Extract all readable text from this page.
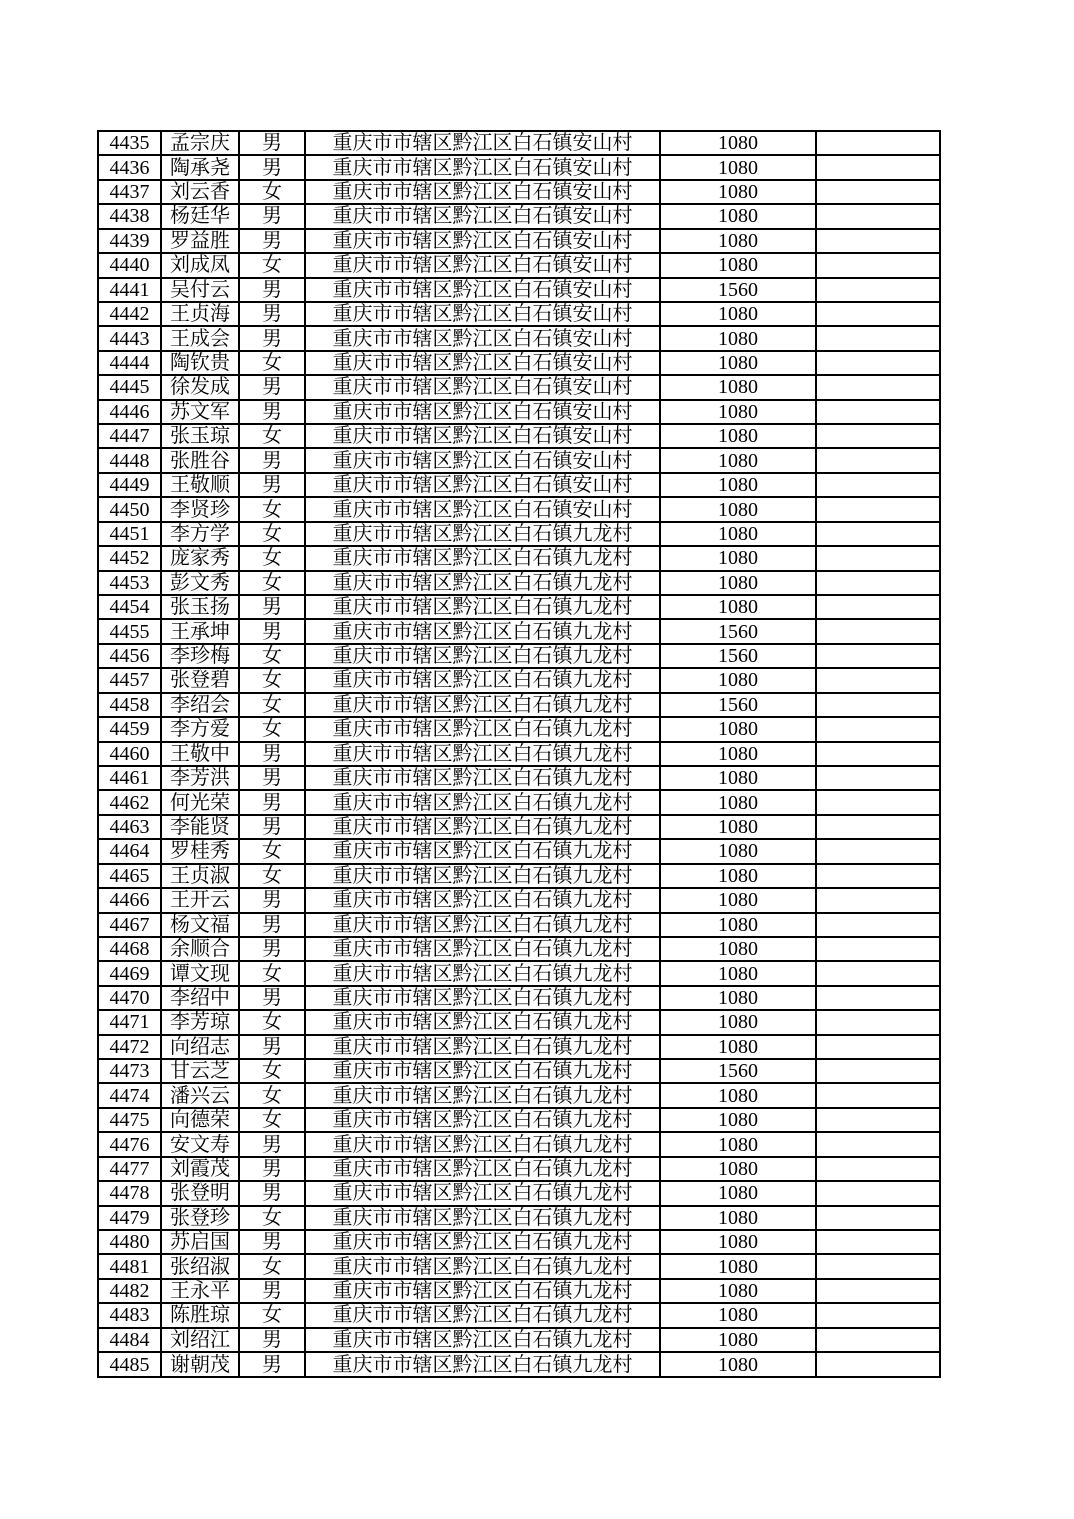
4435	孟宗庆	男	重庆市市辖区黔江区白石镇安山村	1080	
4436	陶承尧	男	重庆市市辖区黔江区白石镇安山村	1080	
4437	刘云香	女	重庆市市辖区黔江区白石镇安山村	1080	
4438	杨廷华	男	重庆市市辖区黔江区白石镇安山村	1080	
4439	罗益胜	男	重庆市市辖区黔江区白石镇安山村	1080	
4440	刘成凤	女	重庆市市辖区黔江区白石镇安山村	1080	
4441	吴付云	男	重庆市市辖区黔江区白石镇安山村	1560	
4442	王贞海	男	重庆市市辖区黔江区白石镇安山村	1080	
4443	王成会	男	重庆市市辖区黔江区白石镇安山村	1080	
4444	陶钦贵	女	重庆市市辖区黔江区白石镇安山村	1080	
4445	徐发成	男	重庆市市辖区黔江区白石镇安山村	1080	
4446	苏文军	男	重庆市市辖区黔江区白石镇安山村	1080	
4447	张玉琼	女	重庆市市辖区黔江区白石镇安山村	1080	
4448	张胜谷	男	重庆市市辖区黔江区白石镇安山村	1080	
4449	王敬顺	男	重庆市市辖区黔江区白石镇安山村	1080	
4450	李贤珍	女	重庆市市辖区黔江区白石镇安山村	1080	
4451	李方学	女	重庆市市辖区黔江区白石镇九龙村	1080	
4452	庞家秀	女	重庆市市辖区黔江区白石镇九龙村	1080	
4453	彭文秀	女	重庆市市辖区黔江区白石镇九龙村	1080	
4454	张玉扬	男	重庆市市辖区黔江区白石镇九龙村	1080	
4455	王承坤	男	重庆市市辖区黔江区白石镇九龙村	1560	
4456	李珍梅	女	重庆市市辖区黔江区白石镇九龙村	1560	
4457	张登碧	女	重庆市市辖区黔江区白石镇九龙村	1080	
4458	李绍会	女	重庆市市辖区黔江区白石镇九龙村	1560	
4459	李方爱	女	重庆市市辖区黔江区白石镇九龙村	1080	
4460	王敬中	男	重庆市市辖区黔江区白石镇九龙村	1080	
4461	李芳洪	男	重庆市市辖区黔江区白石镇九龙村	1080	
4462	何光荣	男	重庆市市辖区黔江区白石镇九龙村	1080	
4463	李能贤	男	重庆市市辖区黔江区白石镇九龙村	1080	
4464	罗桂秀	女	重庆市市辖区黔江区白石镇九龙村	1080	
4465	王贞淑	女	重庆市市辖区黔江区白石镇九龙村	1080	
4466	王开云	男	重庆市市辖区黔江区白石镇九龙村	1080	
4467	杨文福	男	重庆市市辖区黔江区白石镇九龙村	1080	
4468	余顺合	男	重庆市市辖区黔江区白石镇九龙村	1080	
4469	谭文现	女	重庆市市辖区黔江区白石镇九龙村	1080	
4470	李绍中	男	重庆市市辖区黔江区白石镇九龙村	1080	
4471	李芳琼	女	重庆市市辖区黔江区白石镇九龙村	1080	
4472	向绍志	男	重庆市市辖区黔江区白石镇九龙村	1080	
4473	甘云芝	女	重庆市市辖区黔江区白石镇九龙村	1560	
4474	潘兴云	女	重庆市市辖区黔江区白石镇九龙村	1080	
4475	向德荣	女	重庆市市辖区黔江区白石镇九龙村	1080	
4476	安文寿	男	重庆市市辖区黔江区白石镇九龙村	1080	
4477	刘霞茂	男	重庆市市辖区黔江区白石镇九龙村	1080	
4478	张登明	男	重庆市市辖区黔江区白石镇九龙村	1080	
4479	张登珍	女	重庆市市辖区黔江区白石镇九龙村	1080	
4480	苏启国	男	重庆市市辖区黔江区白石镇九龙村	1080	
4481	张绍淑	女	重庆市市辖区黔江区白石镇九龙村	1080	
4482	王永平	男	重庆市市辖区黔江区白石镇九龙村	1080	
4483	陈胜琼	女	重庆市市辖区黔江区白石镇九龙村	1080	
4484	刘绍江	男	重庆市市辖区黔江区白石镇九龙村	1080	
4485	谢朝茂	男	重庆市市辖区黔江区白石镇九龙村	1080	
